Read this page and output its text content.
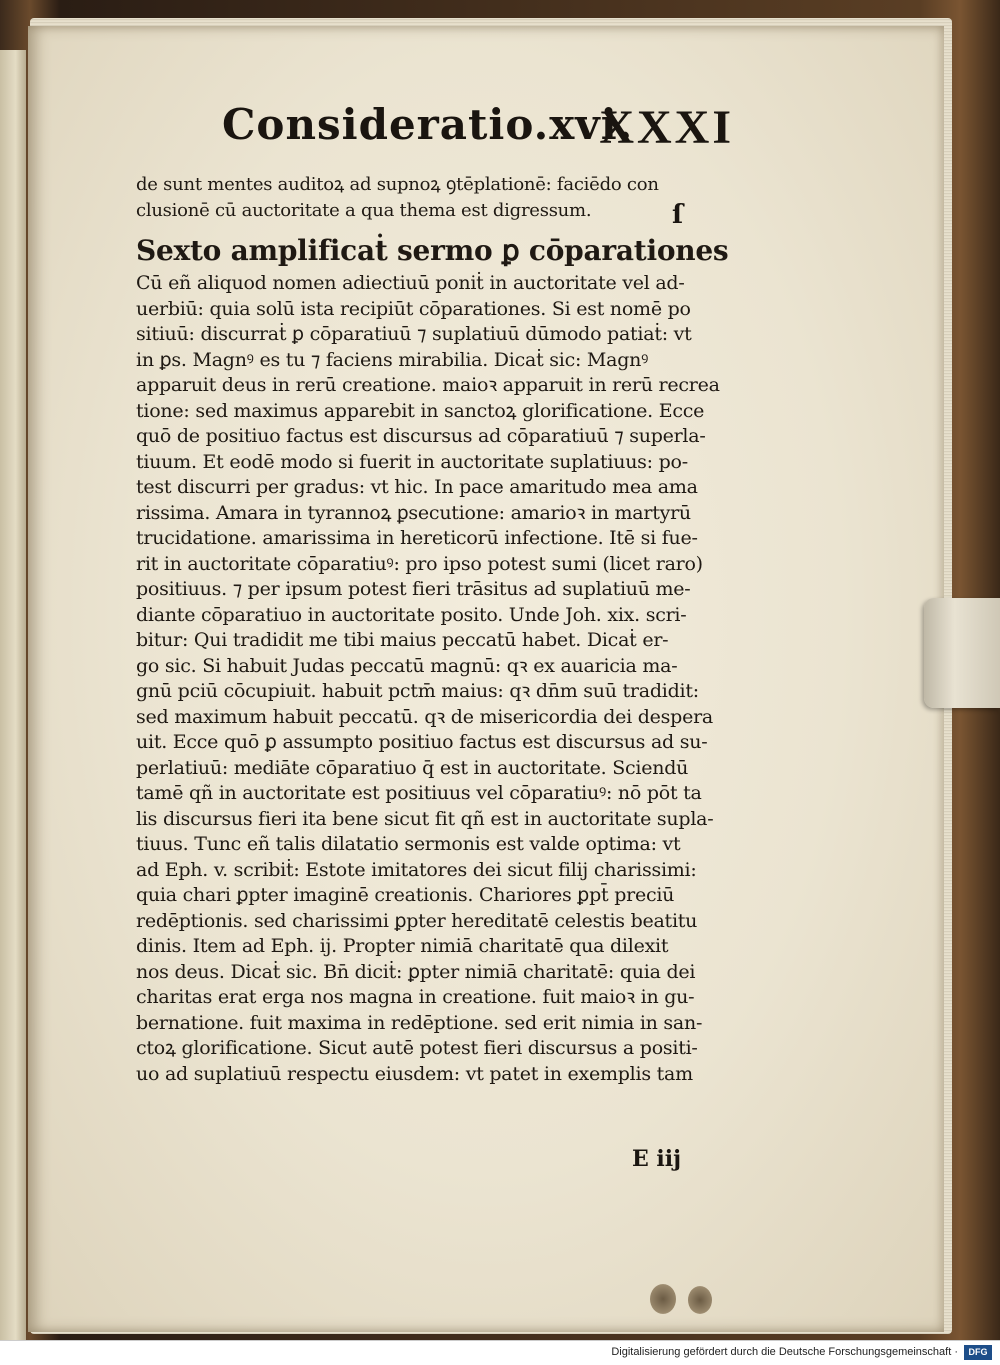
Consideratio.xvi.
XXXI
ſ
de sunt mentes auditoꝝ ad supnoꝝ ꝯtēplationē: faciēdo con
clusionē cū auctoritate a qua thema est digressum.
Sexto amplificaṫ sermo ꝑ cōparationes
Cū eñ aliquod nomen adiectiuū poniṫ in auctoritate vel ad-
uerbiū: quia solū ista recipiūt cōparationes. Si est nomē po
sitiuū: discurraṫ ꝑ cōparatiuū ⁊ suplatiuū dūmodo patiaṫ: vt
in ꝑs. Magnꝰ es tu ⁊ faciens mirabilia. Dicaṫ sic: Magnꝰ
apparuit deus in rerū creatione. maioꝛ apparuit in rerū recrea
tione: sed maximus apparebit in sanctoꝝ glorificatione. Ecce
quō de positiuo factus est discursus ad cōparatiuū ⁊ superla-
tiuum. Et eodē modo si fuerit in auctoritate suplatiuus: po-
test discurri per gradus: vt hic. In pace amaritudo mea ama
rissima. Amara in tyrannoꝝ ꝑsecutione: amarioꝛ in martyrū
trucidatione. amarissima in hereticorū infectione. Itē si fue-
rit in auctoritate cōparatiuꝰ: pro ipso potest sumi (licet raro)
positiuus. ⁊ per ipsum potest fieri trāsitus ad suplatiuū me-
diante cōparatiuo in auctoritate posito. Unde Joh. xix. scri-
bitur: Qui tradidit me tibi maius peccatū habet. Dicaṫ er-
go sic. Si habuit Judas peccatū magnū: qꝛ ex auaricia ma-
gnū pciū cōcupiuit. habuit pctm̄ maius: qꝛ dn̄m suū tradidit:
sed maximum habuit peccatū. qꝛ de misericordia dei despera
uit. Ecce quō ꝑ assumpto positiuo factus est discursus ad su-
perlatiuū: mediāte cōparatiuo q̄ est in auctoritate. Sciendū
tamē qñ in auctoritate est positiuus vel cōparatiuꝰ: nō pōt ta
lis discursus fieri ita bene sicut fit qñ est in auctoritate supla-
tiuus. Tunc eñ talis dilatatio sermonis est valde optima: vt
ad Eph. v. scribiṫ: Estote imitatores dei sicut filij charissimi:
quia chari ꝑpter imaginē creationis. Chariores ꝑpt̄ preciū
redēptionis. sed charissimi ꝑpter hereditatē celestis beatitu
dinis. Item ad Eph. ij. Propter nimiā charitatē qua dilexit
nos deus. Dicaṫ sic. Bn̄ diciṫ: ꝑpter nimiā charitatē: quia dei
charitas erat erga nos magna in creatione. fuit maioꝛ in gu-
bernatione. fuit maxima in redēptione. sed erit nimia in san-
ctoꝝ glorificatione. Sicut autē potest fieri discursus a positi-
uo ad suplatiuū respectu eiusdem: vt patet in exemplis tam
E iij
Digitalisierung gefördert durch die Deutsche Forschungsgemeinschaft ·	DFG
